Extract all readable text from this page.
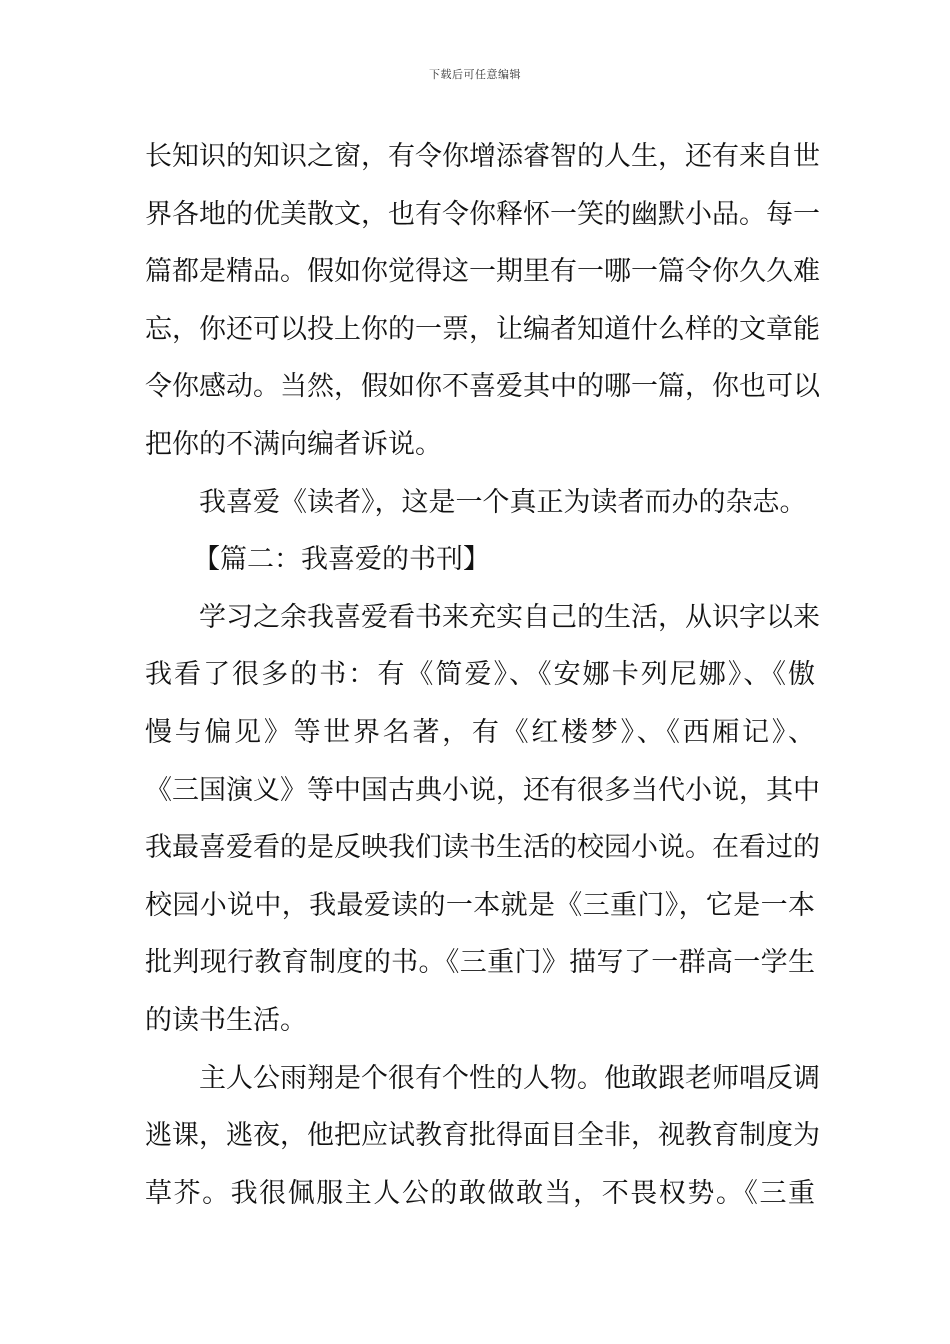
下载后可任意编辑
长知识的知识之窗，有令你增添睿智的人生，还有来自世
界各地的优美散文，也有令你释怀一笑的幽默小品。每一
篇都是精品。假如你觉得这一期里有一哪一篇令你久久难
忘，你还可以投上你的一票，让编者知道什么样的文章能
令你感动。当然，假如你不喜爱其中的哪一篇，你也可以
把你的不满向编者诉说。
我喜爱《读者》，这是一个真正为读者而办的杂志。
【篇二：我喜爱的书刊】
学习之余我喜爱看书来充实自己的生活，从识字以来
我看了很多的书：有《简爱》、《安娜卡列尼娜》、《傲
慢与偏见》等世界名著，有《红楼梦》、《西厢记》、
《三国演义》等中国古典小说，还有很多当代小说，其中
我最喜爱看的是反映我们读书生活的校园小说。在看过的
校园小说中，我最爱读的一本就是《三重门》，它是一本
批判现行教育制度的书。《三重门》描写了一群高一学生
的读书生活。
主人公雨翔是个很有个性的人物。他敢跟老师唱反调
逃课，逃夜，他把应试教育批得面目全非，视教育制度为
草芥。我很佩服主人公的敢做敢当，不畏权势。《三重
